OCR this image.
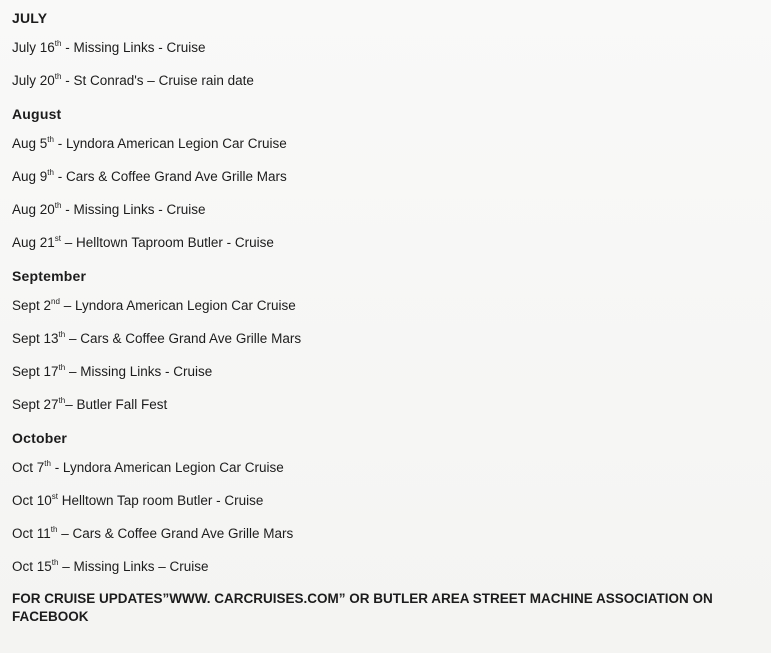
JULY
July 16th - Missing Links - Cruise
July 20th - St Conrad's – Cruise rain date
August
Aug 5th - Lyndora American Legion Car Cruise
Aug 9th - Cars & Coffee Grand Ave Grille Mars
Aug 20th - Missing Links - Cruise
Aug 21st – Helltown Taproom Butler - Cruise
September
Sept 2nd – Lyndora American Legion Car Cruise
Sept 13th – Cars & Coffee Grand Ave Grille Mars
Sept 17th – Missing Links - Cruise
Sept 27th– Butler Fall Fest
October
Oct 7th - Lyndora American Legion Car Cruise
Oct 10st Helltown Tap room Butler - Cruise
Oct 11th – Cars & Coffee Grand Ave Grille Mars
Oct 15th – Missing Links – Cruise
FOR CRUISE UPDATES”WWW. CARCRUISES.COM” OR BUTLER AREA STREET MACHINE ASSOCIATION ON FACEBOOK
